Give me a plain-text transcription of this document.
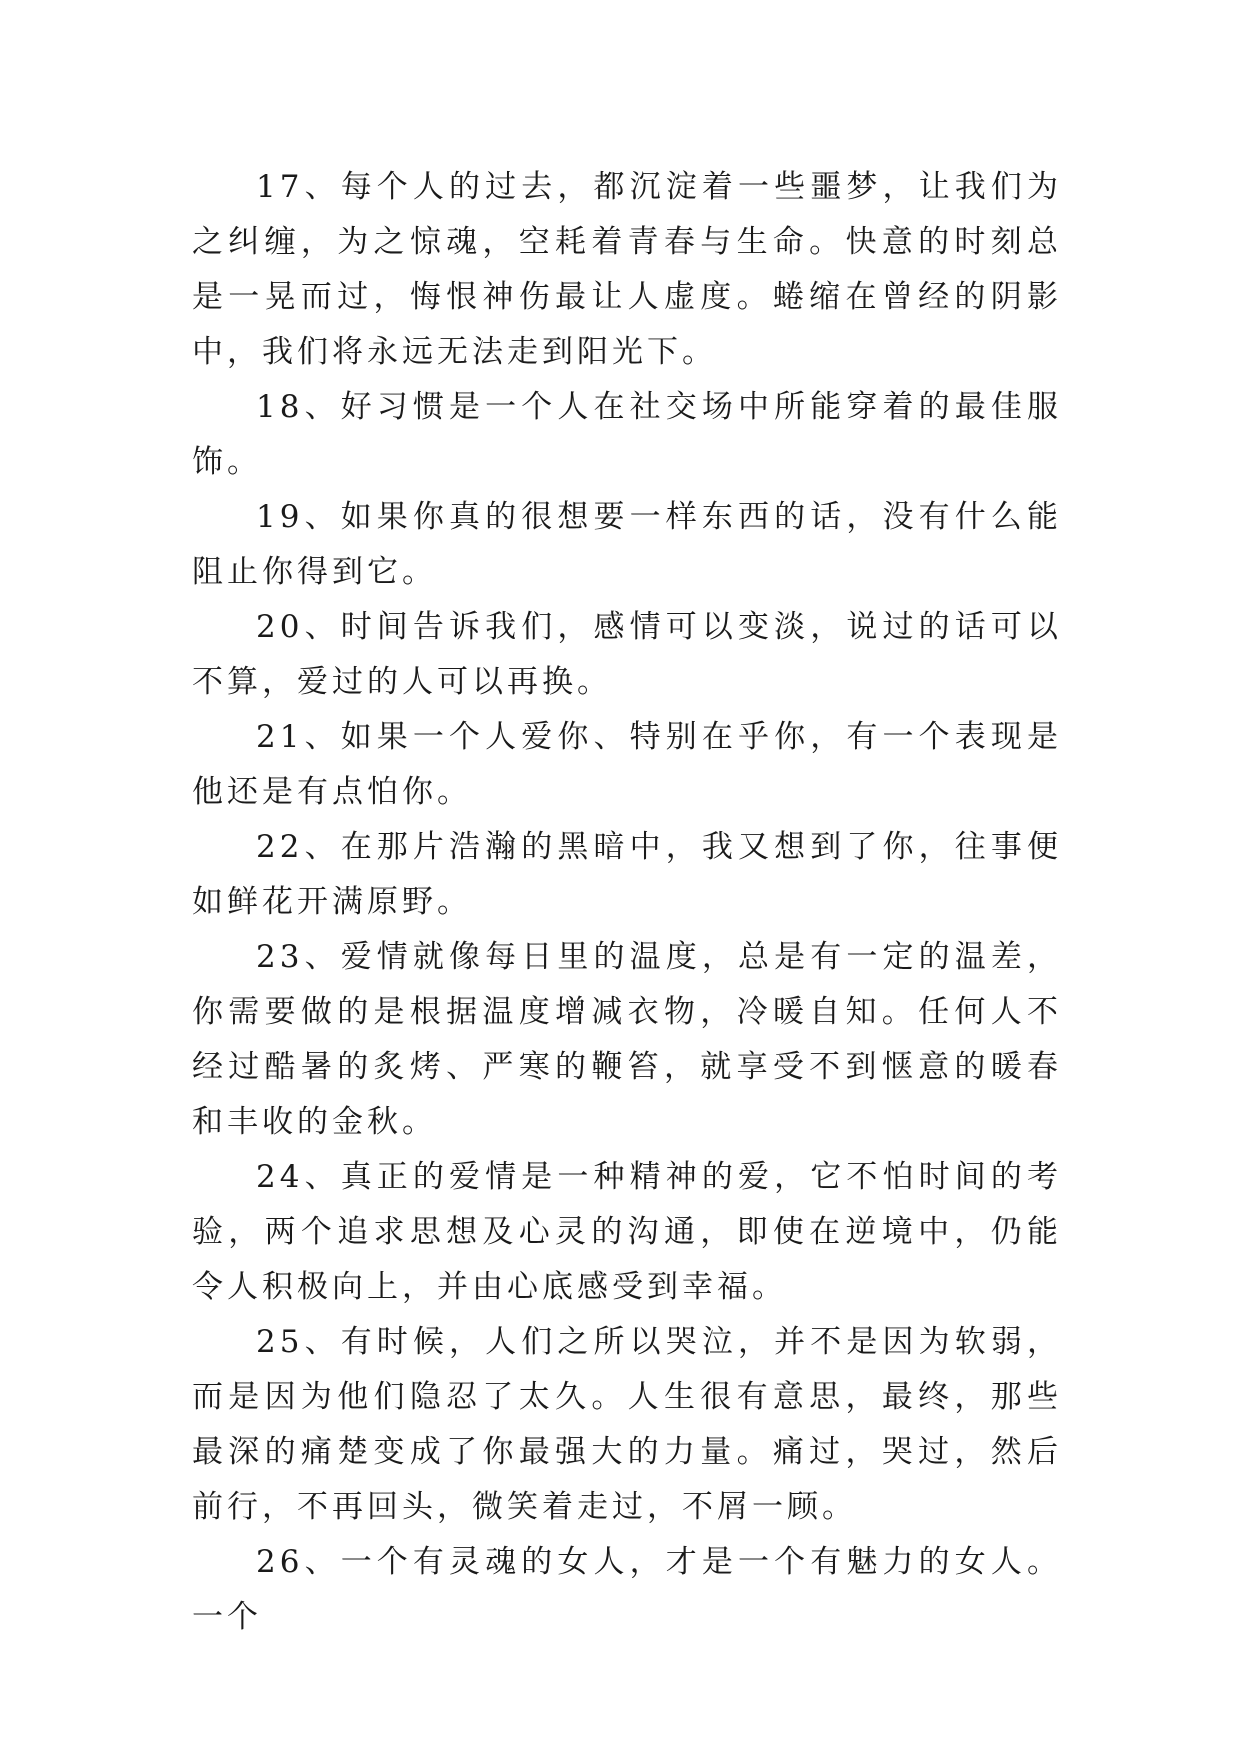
17、每个人的过去，都沉淀着一些噩梦，让我们为之纠缠，为之惊魂，空耗着青春与生命。快意的时刻总是一晃而过，悔恨神伤最让人虚度。蜷缩在曾经的阴影中，我们将永远无法走到阳光下。

18、好习惯是一个人在社交场中所能穿着的最佳服饰。

19、如果你真的很想要一样东西的话，没有什么能阻止你得到它。

20、时间告诉我们，感情可以变淡，说过的话可以不算，爱过的人可以再换。

21、如果一个人爱你、特别在乎你，有一个表现是他还是有点怕你。

22、在那片浩瀚的黑暗中，我又想到了你，往事便如鲜花开满原野。

23、爱情就像每日里的温度，总是有一定的温差，你需要做的是根据温度增减衣物，冷暖自知。任何人不经过酷暑的炙烤、严寒的鞭笞，就享受不到惬意的暖春和丰收的金秋。

24、真正的爱情是一种精神的爱，它不怕时间的考验，两个追求思想及心灵的沟通，即使在逆境中，仍能令人积极向上，并由心底感受到幸福。

25、有时候，人们之所以哭泣，并不是因为软弱，而是因为他们隐忍了太久。人生很有意思，最终，那些最深的痛楚变成了你最强大的力量。痛过，哭过，然后前行，不再回头，微笑着走过，不屑一顾。

26、一个有灵魂的女人，才是一个有魅力的女人。一个
